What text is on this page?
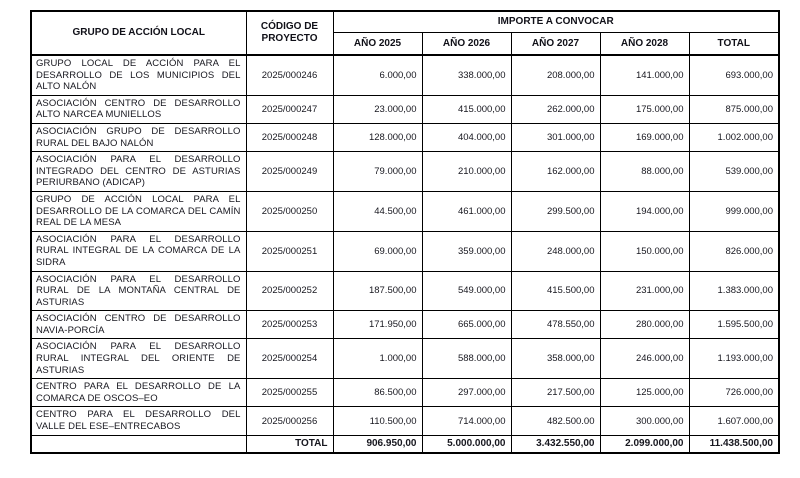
GRUPO DE ACCIÓN LOCAL	CÓDIGO DE PROYECTO	IMPORTE A CONVOCAR				
		AÑO 2025	AÑO 2026	AÑO 2027	AÑO 2028	TOTAL
GRUPO LOCAL DE ACCIÓN PARA EL DESARROLLO DE LOS MUNICIPIOS DEL ALTO NALÓN	2025/000246	6.000,00	338.000,00	208.000,00	141.000,00	693.000,00
ASOCIACIÓN CENTRO DE DESARROLLO ALTO NARCEA MUNIELLOS	2025/000247	23.000,00	415.000,00	262.000,00	175.000,00	875.000,00
ASOCIACIÓN GRUPO DE DESARROLLO RURAL DEL BAJO NALÓN	2025/000248	128.000,00	404.000,00	301.000,00	169.000,00	1.002.000,00
ASOCIACIÓN PARA EL DESARROLLO INTEGRADO DEL CENTRO DE ASTURIAS PERIURBANO (ADICAP)	2025/000249	79.000,00	210.000,00	162.000,00	88.000,00	539.000,00
GRUPO DE ACCIÓN LOCAL PARA EL DESARROLLO DE LA COMARCA DEL CAMÍN REAL DE LA MESA	2025/000250	44.500,00	461.000,00	299.500,00	194.000,00	999.000,00
ASOCIACIÓN PARA EL DESARROLLO RURAL INTEGRAL DE LA COMARCA DE LA SIDRA	2025/000251	69.000,00	359.000,00	248.000,00	150.000,00	826.000,00
ASOCIACIÓN PARA EL DESARROLLO RURAL DE LA MONTAÑA CENTRAL DE ASTURIAS	2025/000252	187.500,00	549.000,00	415.500,00	231.000,00	1.383.000,00
ASOCIACIÓN CENTRO DE DESARROLLO NAVIA-PORCÍA	2025/000253	171.950,00	665.000,00	478.550,00	280.000,00	1.595.500,00
ASOCIACIÓN PARA EL DESARROLLO RURAL INTEGRAL DEL ORIENTE DE ASTURIAS	2025/000254	1.000,00	588.000,00	358.000,00	246.000,00	1.193.000,00
CENTRO PARA EL DESARROLLO DE LA COMARCA DE OSCOS–EO	2025/000255	86.500,00	297.000,00	217.500,00	125.000,00	726.000,00
CENTRO PARA EL DESARROLLO DEL VALLE DEL ESE–ENTRECABOS	2025/000256	110.500,00	714.000,00	482.500.00	300.000,00	1.607.000,00
	TOTAL	906.950,00	5.000.000,00	3.432.550,00	2.099.000,00	11.438.500,00
